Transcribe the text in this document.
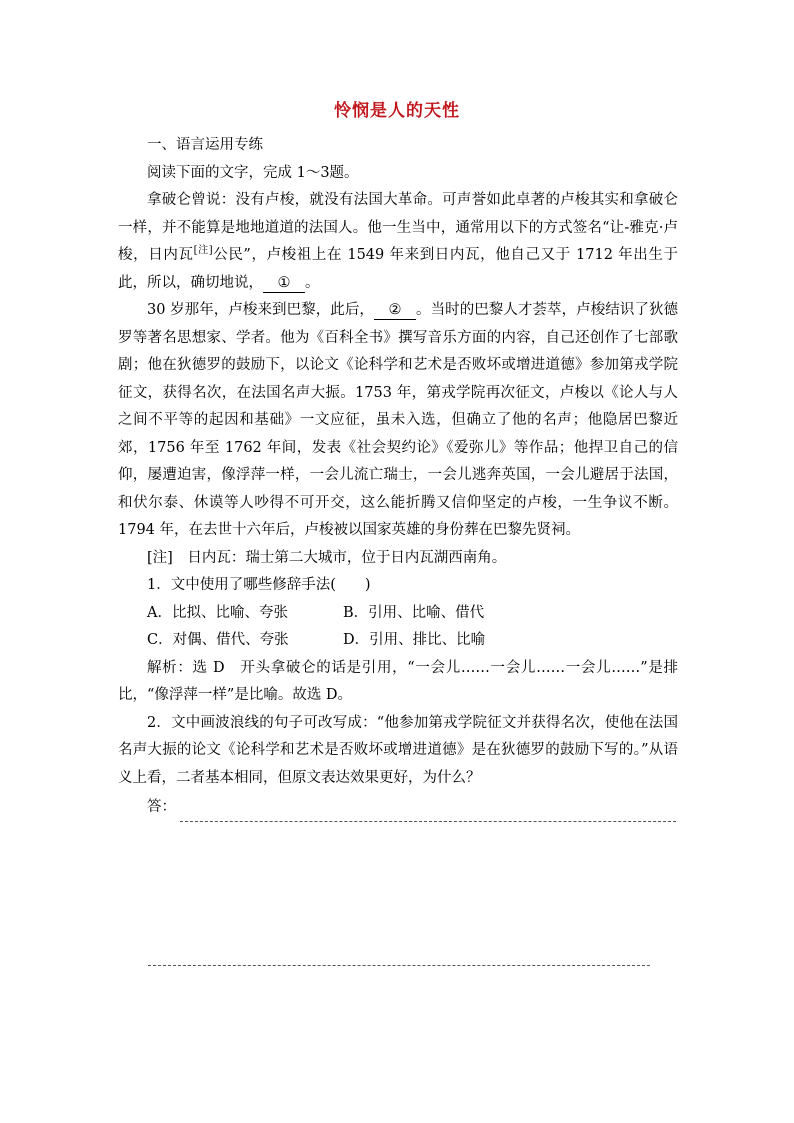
怜悯是人的天性

一、语言运用专练

阅读下面的文字，完成 1～3题。

拿破仑曾说：没有卢梭，就没有法国大革命。可声誉如此卓著的卢梭其实和拿破仑一样，并不能算是地地道道的法国人。他一生当中，通常用以下的方式签名“让-雅克·卢梭，日内瓦[注]公民”，卢梭祖上在 1549 年来到日内瓦，他自己又于 1712 年出生于此，所以，确切地说， ① 。

30 岁那年，卢梭来到巴黎，此后， ② 。当时的巴黎人才荟萃，卢梭结识了狄德罗等著名思想家、学者。他为《百科全书》撰写音乐方面的内容，自己还创作了七部歌剧；他在狄德罗的鼓励下，以论文《论科学和艺术是否败坏或增进道德》参加第戎学院征文，获得名次，在法国名声大振。1753 年，第戎学院再次征文，卢梭以《论人与人之间不平等的起因和基础》一文应征，虽未入选，但确立了他的名声；他隐居巴黎近郊，1756 年至 1762 年间，发表《社会契约论》《爱弥儿》等作品；他捍卫自己的信仰，屡遭迫害，像浮萍一样，一会儿流亡瑞士，一会儿逃奔英国，一会儿避居于法国，和伏尔泰、休谟等人吵得不可开交，这么能折腾又信仰坚定的卢梭，一生争议不断。1794 年，在去世十六年后，卢梭被以国家英雄的身份葬在巴黎先贤祠。

[注]　日内瓦：瑞士第二大城市，位于日内瓦湖西南角。

1．文中使用了哪些修辞手法(　　)

A．比拟、比喻、夸张	B．引用、比喻、借代
C．对偶、借代、夸张	D．引用、排比、比喻

解析：选 D　开头拿破仑的话是引用，“一会儿……一会儿……一会儿……”是排比，“像浮萍一样”是比喻。故选 D。

2．文中画波浪线的句子可改写成：“他参加第戎学院征文并获得名次，使他在法国名声大振的论文《论科学和艺术是否败坏或增进道德》是在狄德罗的鼓励下写的。”从语义上看，二者基本相同，但原文表达效果更好，为什么？

答：
